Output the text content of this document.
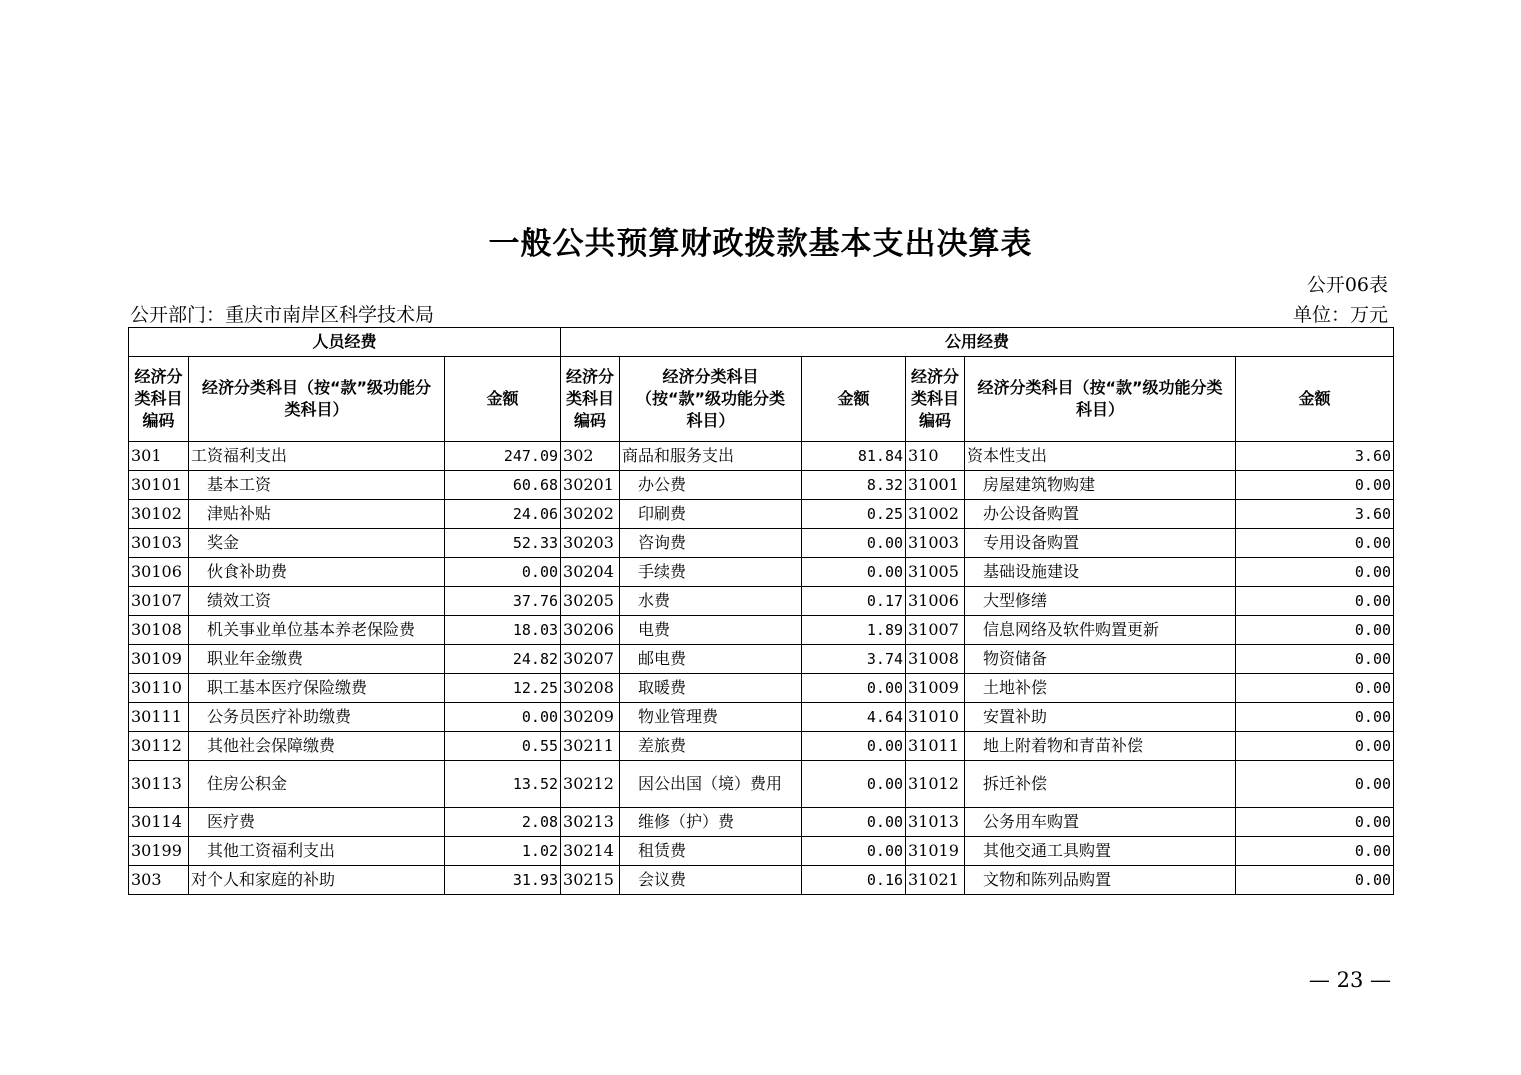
一般公共预算财政拨款基本支出决算表
公开06表
公开部门：重庆市南岸区科学技术局	单位：万元
人员经费			公用经费					
经济分类科目编码	经济分类科目（按“款”级功能分类科目）	金额	经济分类科目编码	经济分类科目（按“款”级功能分类科目）	金额	经济分类科目编码	经济分类科目（按“款”级功能分类科目）	金额
301	工资福利支出	247.09	302	商品和服务支出	81.84	310	资本性支出	3.60
30101	基本工资	60.68	30201	办公费	8.32	31001	房屋建筑物购建	0.00
30102	津贴补贴	24.06	30202	印刷费	0.25	31002	办公设备购置	3.60
30103	奖金	52.33	30203	咨询费	0.00	31003	专用设备购置	0.00
30106	伙食补助费	0.00	30204	手续费	0.00	31005	基础设施建设	0.00
30107	绩效工资	37.76	30205	水费	0.17	31006	大型修缮	0.00
30108	机关事业单位基本养老保险费	18.03	30206	电费	1.89	31007	信息网络及软件购置更新	0.00
30109	职业年金缴费	24.82	30207	邮电费	3.74	31008	物资储备	0.00
30110	职工基本医疗保险缴费	12.25	30208	取暖费	0.00	31009	土地补偿	0.00
30111	公务员医疗补助缴费	0.00	30209	物业管理费	4.64	31010	安置补助	0.00
30112	其他社会保障缴费	0.55	30211	差旅费	0.00	31011	地上附着物和青苗补偿	0.00
30113	住房公积金	13.52	30212	因公出国（境）费用	0.00	31012	拆迁补偿	0.00
30114	医疗费	2.08	30213	维修（护）费	0.00	31013	公务用车购置	0.00
30199	其他工资福利支出	1.02	30214	租赁费	0.00	31019	其他交通工具购置	0.00
303	对个人和家庭的补助	31.93	30215	会议费	0.16	31021	文物和陈列品购置	0.00
— 23 —
